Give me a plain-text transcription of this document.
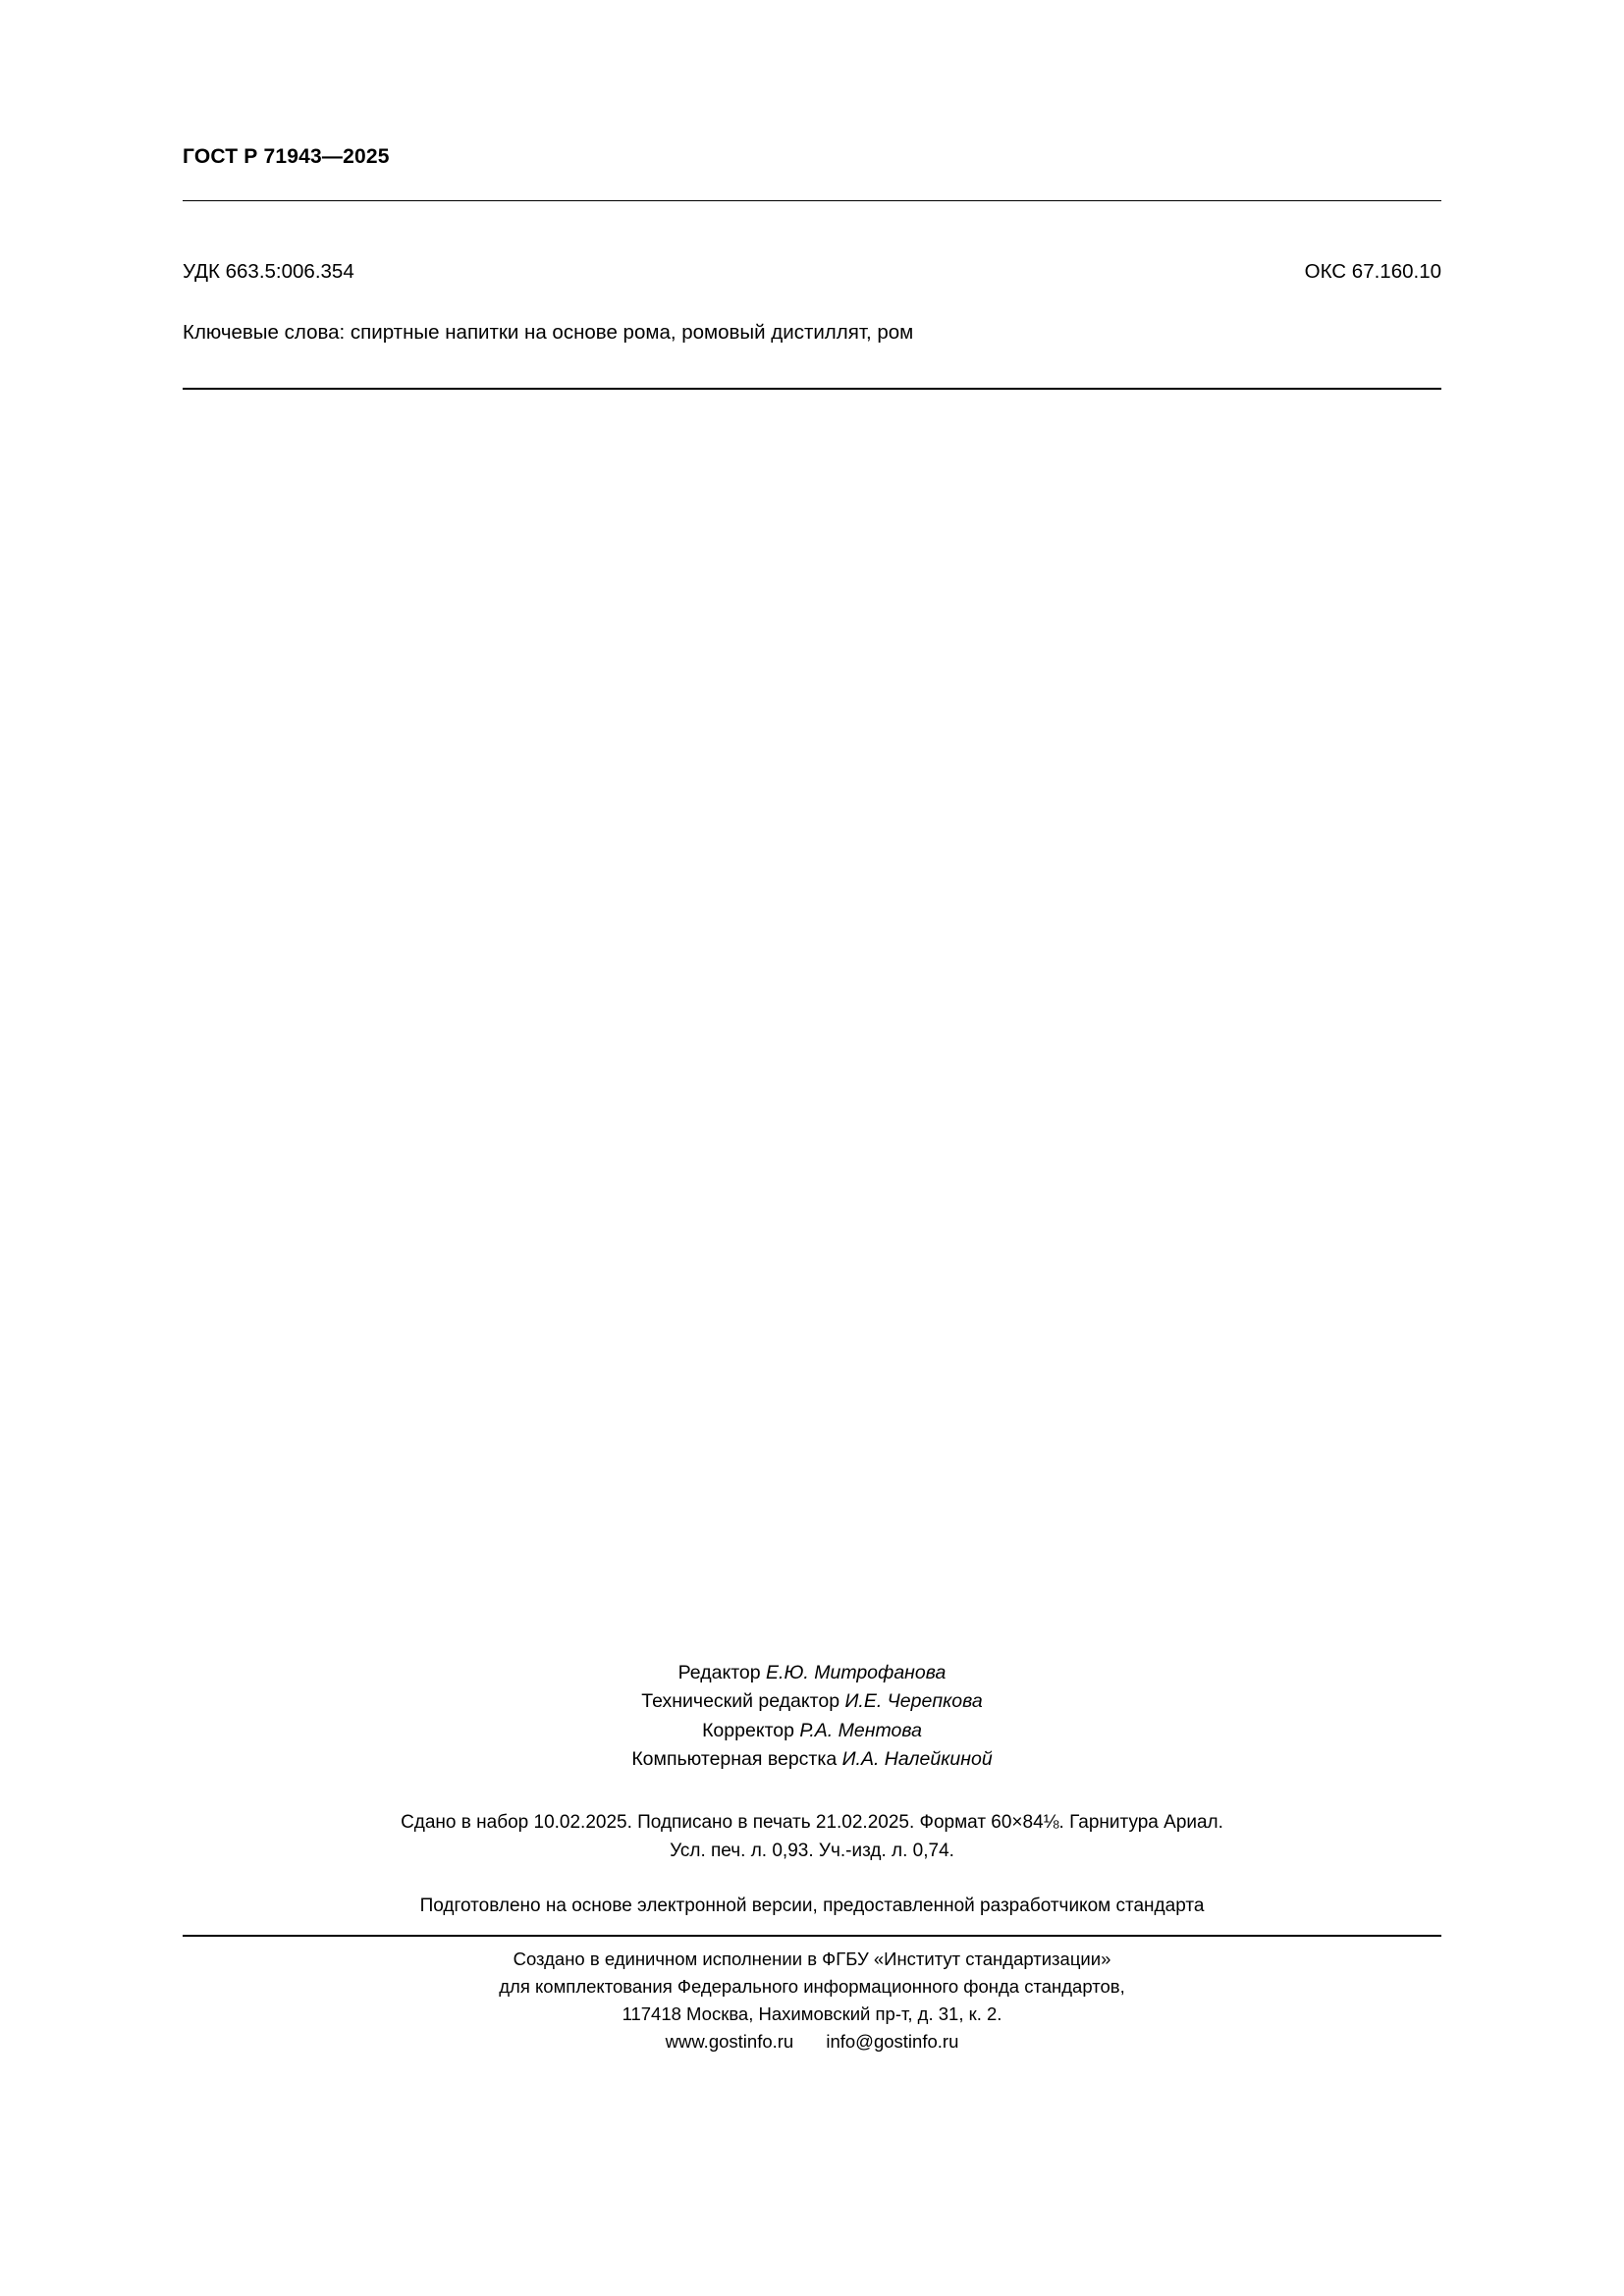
ГОСТ Р 71943—2025
УДК 663.5:006.354	ОКС 67.160.10
Ключевые слова: спиртные напитки на основе рома, ромовый дистиллят, ром
Редактор Е.Ю. Митрофанова
Технический редактор И.Е. Черепкова
Корректор Р.А. Ментова
Компьютерная верстка И.А. Налейкиной
Сдано в набор 10.02.2025. Подписано в печать 21.02.2025. Формат 60×84⅛. Гарнитура Ариал.
Усл. печ. л. 0,93. Уч.-изд. л. 0,74.
Подготовлено на основе электронной версии, предоставленной разработчиком стандарта
Создано в единичном исполнении в ФГБУ «Институт стандартизации»
для комплектования Федерального информационного фонда стандартов,
117418 Москва, Нахимовский пр-т, д. 31, к. 2.
www.gostinfo.ru info@gostinfo.ru
